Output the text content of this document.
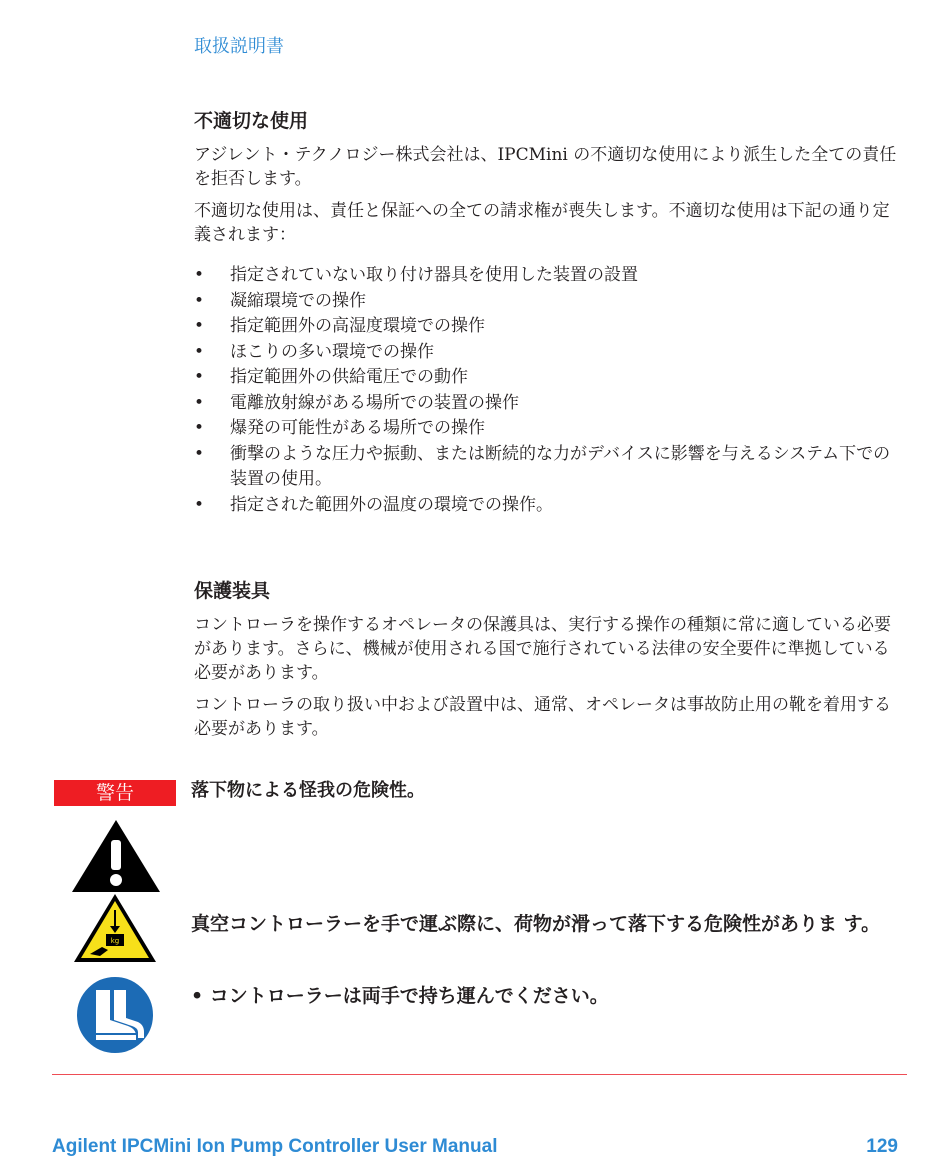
取扱説明書
不適切な使用

アジレント・テクノロジー株式会社は、IPCMini の不適切な使用により派生した全ての責任を拒否します。

不適切な使用は、責任と保証への全ての請求権が喪失します。不適切な使用は下記の通り定義されます：

• 指定されていない取り付け器具を使用した装置の設置
• 凝縮環境での操作
• 指定範囲外の高湿度環境での操作
• ほこりの多い環境での操作
• 指定範囲外の供給電圧での動作
• 電離放射線がある場所での装置の操作
• 爆発の可能性がある場所での操作
• 衝撃のような圧力や振動、または断続的な力がデバイスに影響を与えるシステム下での装置の使用。
• 指定された範囲外の温度の環境での操作。
保護装具

コントローラを操作するオペレータの保護具は、実行する操作の種類に常に適している必要があります。さらに、機械が使用される国で施行されている法律の安全要件に準拠している必要があります。

コントローラの取り扱い中および設置中は、通常、オペレータは事故防止用の靴を着用する必要があります。

警告	落下物による怪我の危険性。
kg
真空コントローラーを手で運ぶ際に、荷物が滑って落下する危険性がありま す。
• コントローラーは両手で持ち運んでください。
Agilent IPCMini Ion Pump Controller User Manual	129
